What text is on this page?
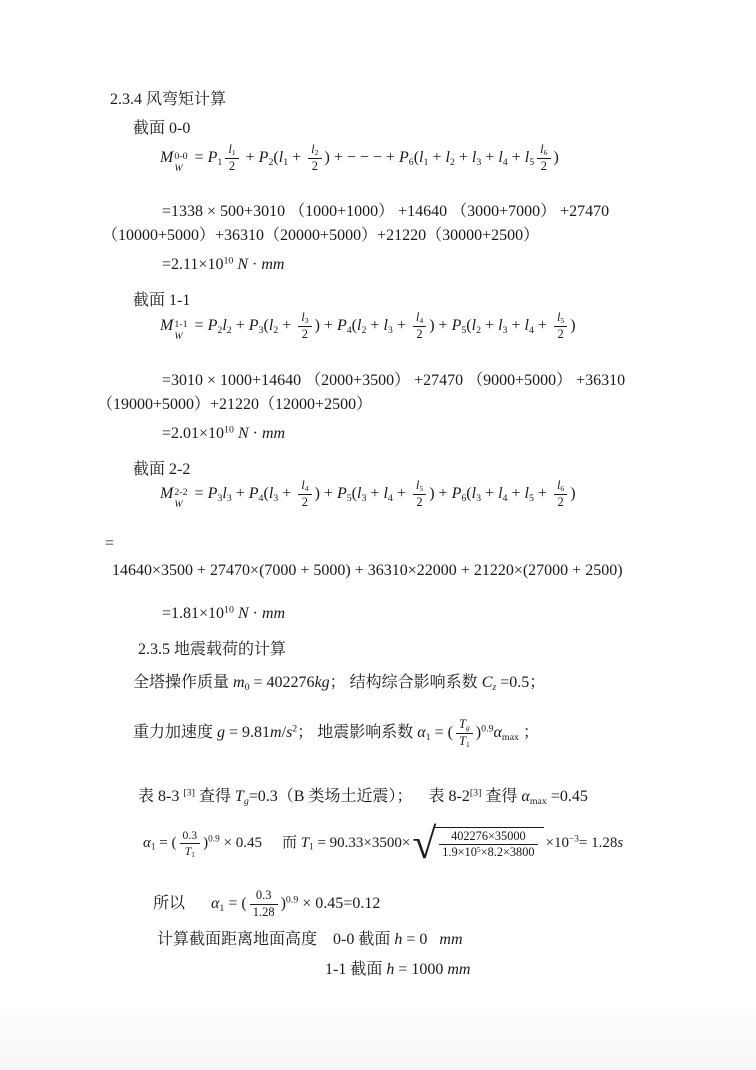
2.3.4 风弯矩计算
截面 0-0
M 0-0
W
= $P_1 \frac{l_1}{2} + P_2(l_1 + \frac{l_2}{2}$ ) + − − − + $P_6(l_1 + l_2 + l_3 + l_4 + l_5 \frac{l_6}{2}$ )
=1338 × 500+3010 （1000+1000） +14640 （3000+7000） +27470
（10000+5000）+36310（20000+5000）+21220（30000+2500）
$=2.11\times 10^{10}$ N · mm
截面 1-1
M 1-1
W
= $P_2l_2 + P_3(l_2 + \frac{l_3}{2}$ ) + $P_4(l_2 + l_3 + \frac{l_4}{2}$ ) + $P_5(l_2 + l_3 + l_4 + \frac{l_5}{2}$ )
=3010 × 1000+14640 （2000+3500） +27470 （9000+5000） +36310
（19000+5000）+21220（12000+2500）
$=2.01\times 10^{10}$ N · mm
截面 2-2
M 2-2
W
= $P_3l_3 + P_4(l_3 + \frac{l_4}{2}$ ) + $P_5(l_3 + l_4 + \frac{l_5}{2}$ ) + $P_6(l_3 + l_4 + l_5 + \frac{l_6}{2}$ )
=
14640×3500 + 27470×(7000 + 5000) + 36310×22000 + 21220×(27000 + 2500)
$=1.81\times 10^{10}$ N · mm
2.3.5 地震载荷的计算
全塔操作质量 $m_0 = 402276kg$； 结构综合影响系数 $C_z =0.5$；
重力加速度 $g = 9.81m/s^2$； 地震影响系数 $\alpha_1$ = ( $\frac{T_g}{T_1} )^{0.9}\alpha_{max}$ ；
表 8-3 [3] 查得 $T_g=0.3(B$ 类场土近震）； 表 8-2[3] 查得 $\alpha_{max} =0.45$
$\alpha_1$ = ( $\frac{0.3}{T_1} )^{0.9} \times 0.45$ 而 $T_1 = 90.33\times 3500\times$ √ $\frac{402276\times 35000}{1.9\times 10^5\times 8.2\times 3800} \times 10^{-3}= 1.28s$
所以 $\alpha_1$ = ( $\frac{0.3}{1.28} )^{0.9} \times 0.45=0.12$
计算截面距离地面高度 0-0 截面 h = 0 mm
1-1 截面 h = 1000 mm
